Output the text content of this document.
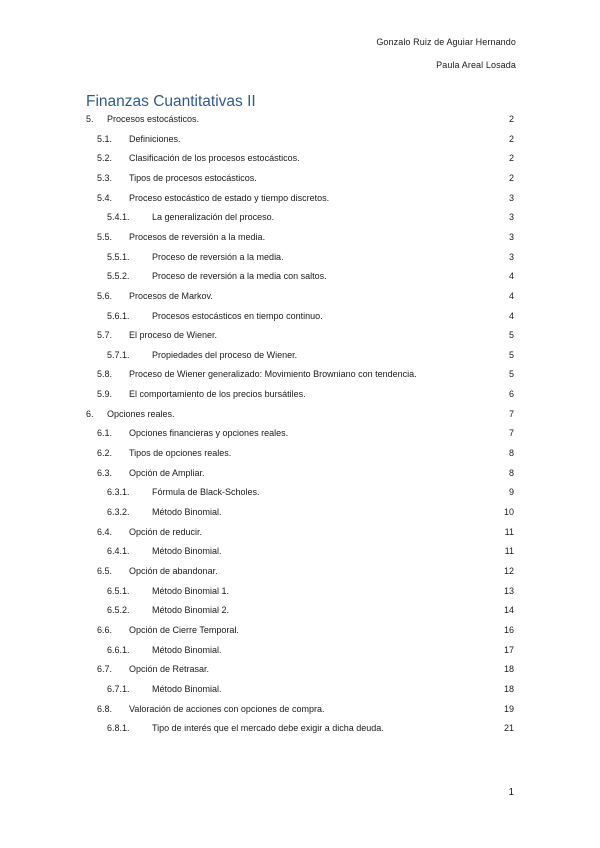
Gonzalo Ruiz de Aguiar Hernando
Paula Areal Losada
Finanzas Cuantitativas II
5. Procesos estocásticos.	2
5.1. Definiciones.	2
5.2. Clasificación de los procesos estocásticos.	2
5.3. Tipos de procesos estocásticos.	2
5.4. Proceso estocástico de estado y tiempo discretos.	3
5.4.1. La generalización del proceso.	3
5.5. Procesos de reversión a la media.	3
5.5.1. Proceso de reversión a la media.	3
5.5.2. Proceso de reversión a la media con saltos.	4
5.6. Procesos de Markov.	4
5.6.1. Procesos estocásticos en tiempo continuo.	4
5.7. El proceso de Wiener.	5
5.7.1. Propiedades del proceso de Wiener.	5
5.8. Proceso de Wiener generalizado: Movimiento Browniano con tendencia.	5
5.9. El comportamiento de los precios bursátiles.	6
6. Opciones reales.	7
6.1. Opciones financieras y opciones reales.	7
6.2. Tipos de opciones reales.	8
6.3. Opción de Ampliar.	8
6.3.1. Fórmula de Black-Scholes.	9
6.3.2. Método Binomial.	10
6.4. Opción de reducir.	11
6.4.1. Método Binomial.	11
6.5. Opción de abandonar.	12
6.5.1. Método Binomial 1.	13
6.5.2. Método Binomial 2.	14
6.6. Opción de Cierre Temporal.	16
6.6.1. Método Binomial.	17
6.7. Opción de Retrasar.	18
6.7.1. Método Binomial.	18
6.8. Valoración de acciones con opciones de compra.	19
6.8.1. Tipo de interés que el mercado debe exigir a dicha deuda.	21
1
